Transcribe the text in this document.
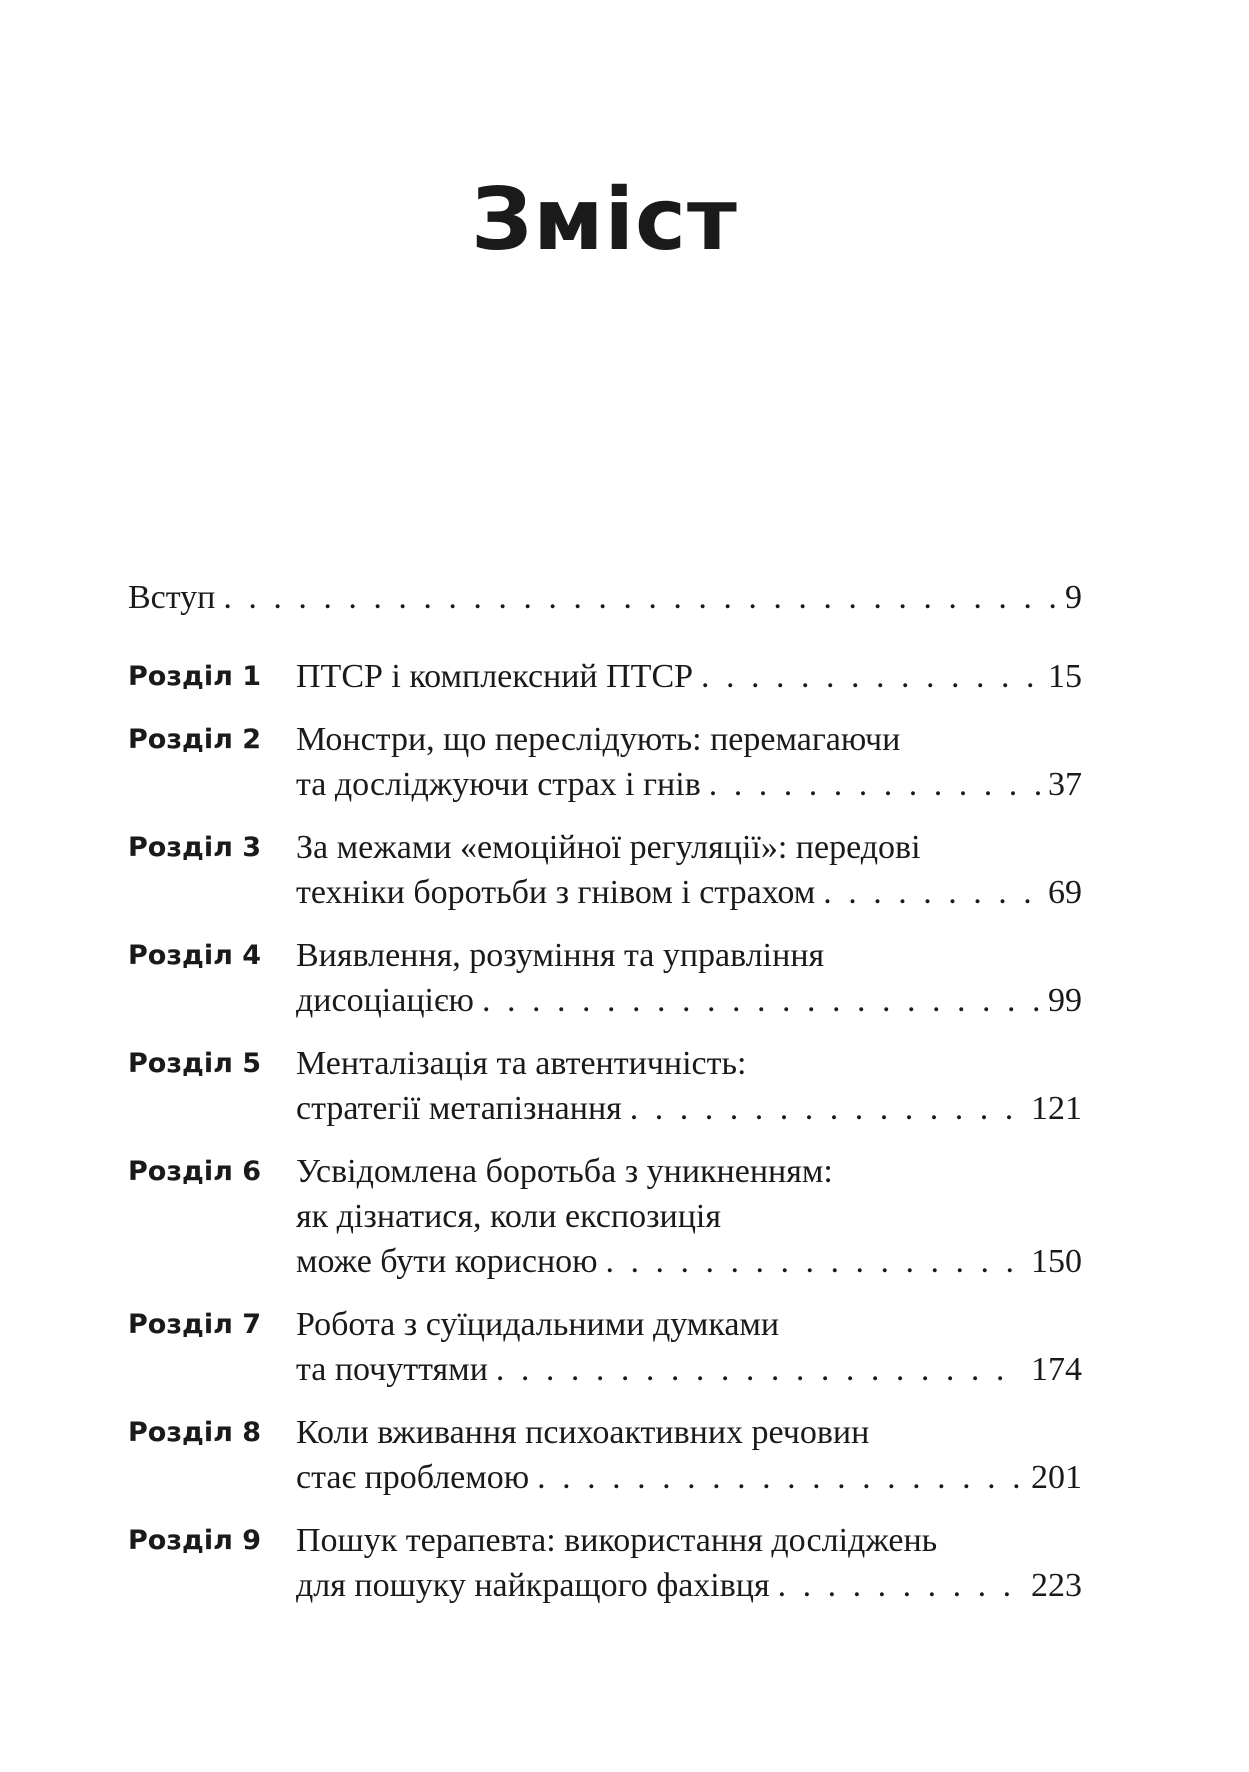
Зміст
Вступ . . .	9
Розділ 1	ПТСР і комплексний ПТСР . . .	15
Розділ 2	Монстри, що переслідують: перемагаючи
та досліджуючи страх і гнів . . .	37
Розділ 3	За межами «емоційної регуляції»: передові
техніки боротьби з гнівом і страхом . . .	69
Розділ 4	Виявлення, розуміння та управління
дисоціацією . . .	99
Розділ 5	Менталізація та автентичність:
стратегії метапізнання . . .	121
Розділ 6	Усвідомлена боротьба з уникненням:
як дізнатися, коли експозиція
може бути корисною . . .	150
Розділ 7	Робота з суїцидальними думками
та почуттями . . .	174
Розділ 8	Коли вживання психоактивних речовин
стає проблемою . . .	201
Розділ 9	Пошук терапевта: використання досліджень
для пошуку найкращого фахівця . . .	223
